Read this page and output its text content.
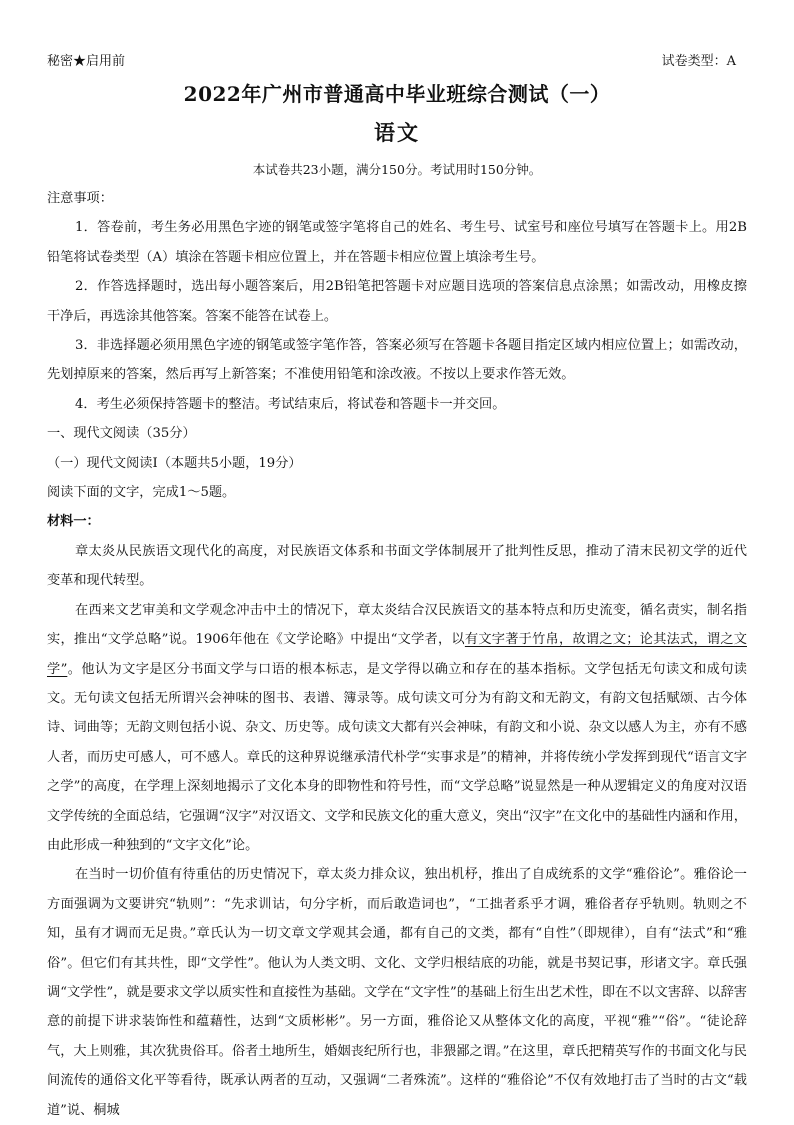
秘密★启用前	试卷类型：A
2022年广州市普通高中毕业班综合测试（一）
语文
本试卷共23小题，满分150分。考试用时150分钟。

注意事项：

1．答卷前，考生务必用黑色字迹的钢笔或签字笔将自己的姓名、考生号、试室号和座位号填写在答题卡上。用2B铅笔将试卷类型（A）填涂在答题卡相应位置上，并在答题卡相应位置上填涂考生号。

2．作答选择题时，选出每小题答案后，用2B铅笔把答题卡对应题目选项的答案信息点涂黑；如需改动，用橡皮擦干净后，再选涂其他答案。答案不能答在试卷上。

3．非选择题必须用黑色字迹的钢笔或签字笔作答，答案必须写在答题卡各题目指定区域内相应位置上；如需改动，先划掉原来的答案，然后再写上新答案；不准使用铅笔和涂改液。不按以上要求作答无效。

4．考生必须保持答题卡的整洁。考试结束后，将试卷和答题卡一并交回。

一、现代文阅读（35分）

（一）现代文阅读Ⅰ（本题共5小题，19分）

阅读下面的文字，完成1～5题。

材料一：

章太炎从民族语文现代化的高度，对民族语文体系和书面文学体制展开了批判性反思，推动了清末民初文学的近代变革和现代转型。

在西来文艺审美和文学观念冲击中土的情况下，章太炎结合汉民族语文的基本特点和历史流变，循名责实，制名指实，推出“文学总略”说。1906年他在《文学论略》中提出“文学者，以有文字著于竹帛，故谓之文；论其法式，谓之文学”。他认为文字是区分书面文学与口语的根本标志，是文学得以确立和存在的基本指标。文学包括无句读文和成句读文。无句读文包括无所谓兴会神味的图书、表谱、簿录等。成句读文可分为有韵文和无韵文，有韵文包括赋颂、古今体诗、词曲等；无韵文则包括小说、杂文、历史等。成句读文大都有兴会神味，有韵文和小说、杂文以感人为主，亦有不感人者，而历史可感人，可不感人。章氏的这种界说继承清代朴学“实事求是”的精神，并将传统小学发挥到现代“语言文字之学”的高度，在学理上深刻地揭示了文化本身的即物性和符号性，而“文学总略”说显然是一种从逻辑定义的角度对汉语文学传统的全面总结，它强调“汉字”对汉语文、文学和民族文化的重大意义，突出“汉字”在文化中的基础性内涵和作用，由此形成一种独到的“文字文化”论。

在当时一切价值有待重估的历史情况下，章太炎力排众议，独出机杼，推出了自成统系的文学“雅俗论”。雅俗论一方面强调为文要讲究“轨则”：“先求训诂，句分字析，而后敢造词也”，“工拙者系乎才调，雅俗者存乎轨则。轨则之不知，虽有才调而无足贵。”章氏认为一切文章文学观其会通，都有自己的文类，都有“自性”（即规律），自有“法式”和“雅俗”。但它们有其共性，即“文学性”。他认为人类文明、文化、文学归根结底的功能，就是书契记事，形诸文字。章氏强调“文学性”，就是要求文学以质实性和直接性为基础。文学在“文字性”的基础上衍生出艺术性，即在不以文害辞、以辞害意的前提下讲求装饰性和蕴藉性，达到“文质彬彬”。另一方面，雅俗论又从整体文化的高度，平视“雅”“俗”。“徒论辞气，大上则雅，其次犹贵俗耳。俗者土地所生，婚姻丧纪所行也，非猥鄙之谓。”在这里，章氏把精英写作的书面文化与民间流传的通俗文化平等看待，既承认两者的互动，又强调“二者殊流”。这样的“雅俗论”不仅有效地打击了当时的古文“载道”说、桐城
